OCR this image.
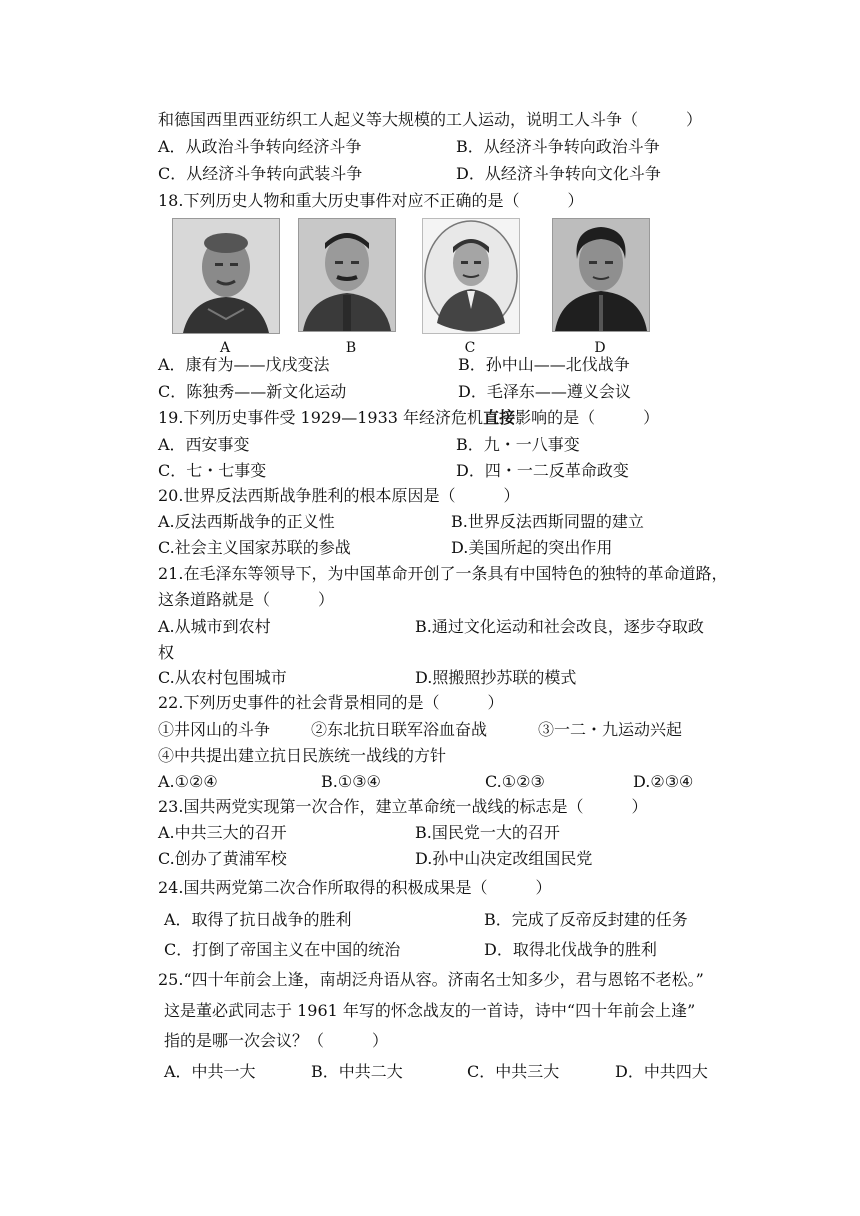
和德国西里西亚纺织工人起义等大规模的工人运动，说明工人斗争（　　　）
A．从政治斗争转向经济斗争	B．从经济斗争转向政治斗争
C．从经济斗争转向武装斗争	D．从经济斗争转向文化斗争
18.下列历史人物和重大历史事件对应不正确的是（　　　）
A	B	C	D
A．康有为——戊戌变法	B．孙中山——北伐战争
C．陈独秀——新文化运动	D．毛泽东——遵义会议
19.下列历史事件受 1929—1933 年经济危机直接影响的是（　　　）
A．西安事变	B．九・一八事变
C．七・七事变	D．四・一二反革命政变
20.世界反法西斯战争胜利的根本原因是（　　　）
A.反法西斯战争的正义性	B.世界反法西斯同盟的建立
C.社会主义国家苏联的参战	D.美国所起的突出作用
21.在毛泽东等领导下，为中国革命开创了一条具有中国特色的独特的革命道路，
这条道路就是（　　　）
A.从城市到农村	B.通过文化运动和社会改良，逐步夺取政
权
C.从农村包围城市	D.照搬照抄苏联的模式
22.下列历史事件的社会背景相同的是（　　　）
①井冈山的斗争	②东北抗日联军浴血奋战	③一二・九运动兴起
④中共提出建立抗日民族统一战线的方针
A.①②④	B.①③④	C.①②③	D.②③④
23.国共两党实现第一次合作，建立革命统一战线的标志是（　　　）
A.中共三大的召开	B.国民党一大的召开
C.创办了黄浦军校	D.孙中山决定改组国民党
24.国共两党第二次合作所取得的积极成果是（　　　）
A．取得了抗日战争的胜利	B．完成了反帝反封建的任务
C．打倒了帝国主义在中国的统治	D．取得北伐战争的胜利
25.“四十年前会上逢，南胡泛舟语从容。济南名士知多少，君与恩铭不老松。”
这是董必武同志于 1961 年写的怀念战友的一首诗，诗中“四十年前会上逢”
指的是哪一次会议？（　　　）
A．中共一大	B．中共二大	C．中共三大	D．中共四大
